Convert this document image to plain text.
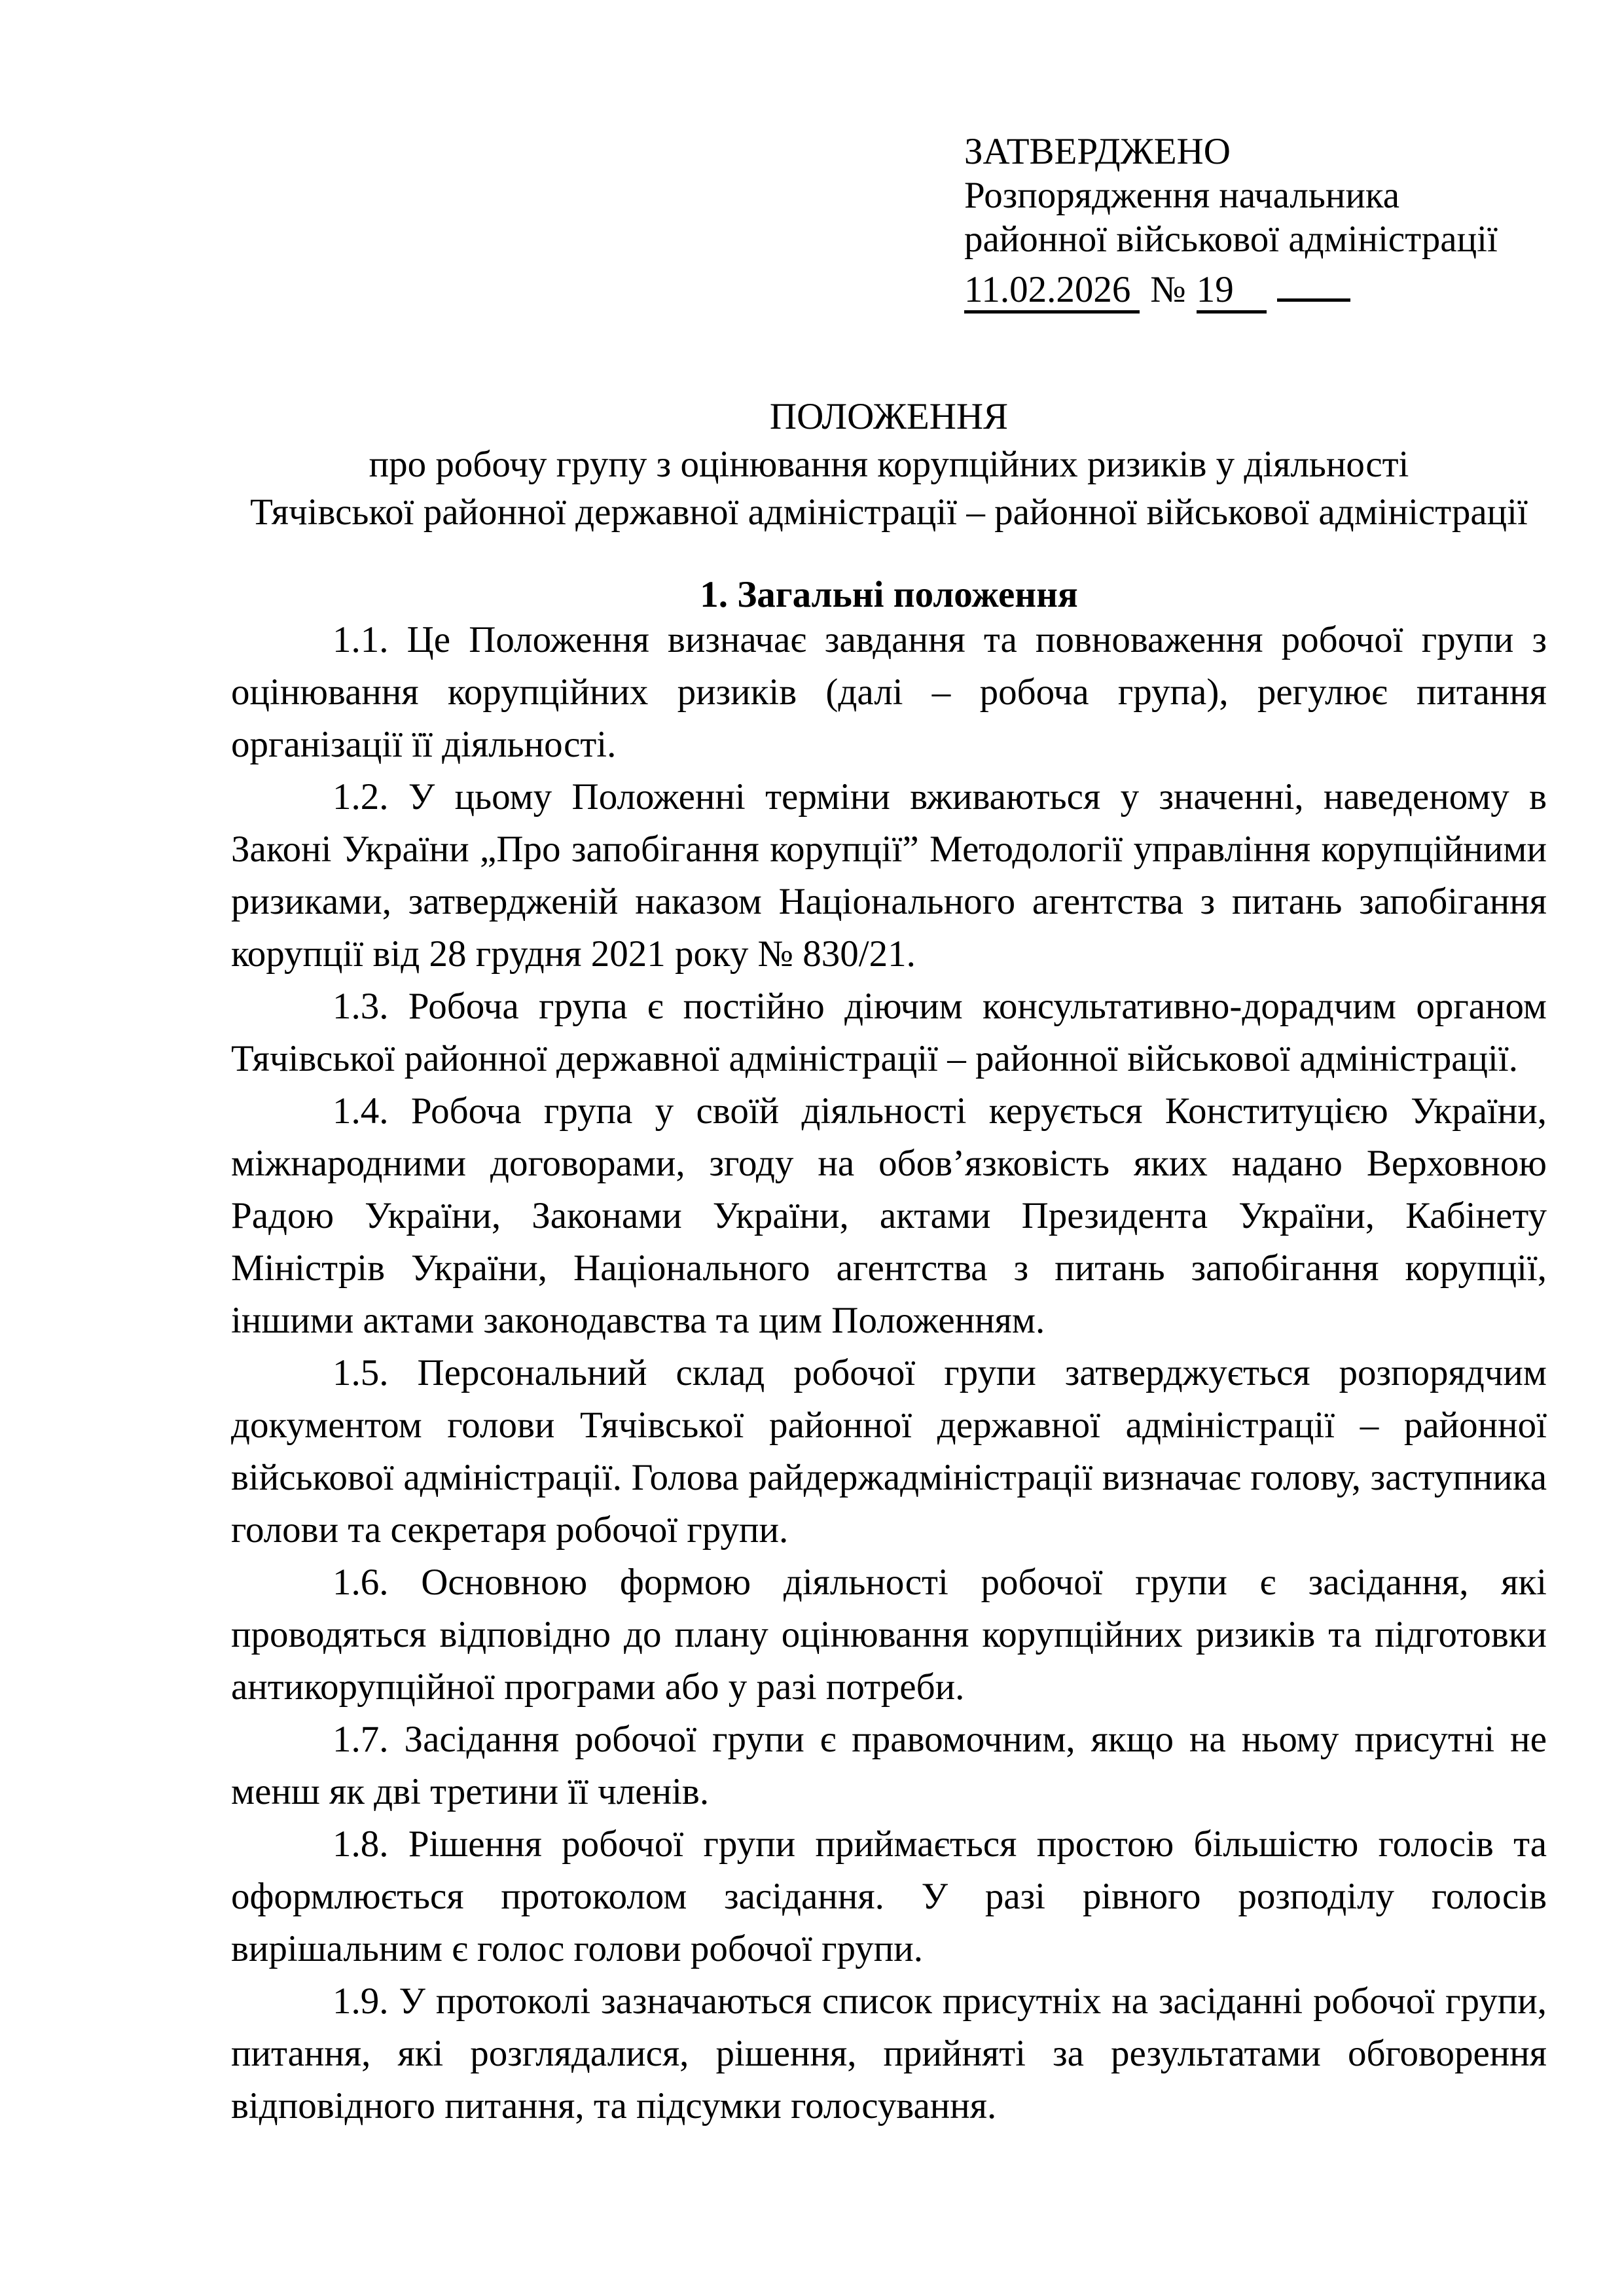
ЗАТВЕРДЖЕНО
Розпорядження начальника
районної військової адміністрації
11.02.2026 № 19
ПОЛОЖЕННЯ
про робочу групу з оцінювання корупційних ризиків у діяльності
Тячівської районної державної адміністрації – районної військової адміністрації
1. Загальні положення

1.1. Це Положення визначає завдання та повноваження робочої групи з оцінювання корупційних ризиків (далі – робоча група), регулює питання організації її діяльності.

1.2. У цьому Положенні терміни вживаються у значенні, наведеному в Законі України „Про запобігання корупції” Методології управління корупційними ризиками, затвердженій наказом Національного агентства з питань запобігання корупції від 28 грудня 2021 року № 830/21.

1.3. Робоча група є постійно діючим консультативно-дорадчим органом Тячівської районної державної адміністрації – районної військової адміністрації.

1.4. Робоча група у своїй діяльності керується Конституцією України, міжнародними договорами, згоду на обов’язковість яких надано Верховною Радою України, Законами України, актами Президента України, Кабінету Міністрів України, Національного агентства з питань запобігання корупції, іншими актами законодавства та цим Положенням.

1.5. Персональний склад робочої групи затверджується розпорядчим документом голови Тячівської районної державної адміністрації – районної військової адміністрації. Голова райдержадміністрації визначає голову, заступника голови та секретаря робочої групи.

1.6. Основною формою діяльності робочої групи є засідання, які проводяться відповідно до плану оцінювання корупційних ризиків та підготовки антикорупційної програми або у разі потреби.

1.7. Засідання робочої групи є правомочним, якщо на ньому присутні не менш як дві третини її членів.

1.8. Рішення робочої групи приймається простою більшістю голосів та оформлюється протоколом засідання. У разі рівного розподілу голосів вирішальним є голос голови робочої групи.

1.9. У протоколі зазначаються список присутніх на засіданні робочої групи, питання, які розглядалися, рішення, прийняті за результатами обговорення відповідного питання, та підсумки голосування.
